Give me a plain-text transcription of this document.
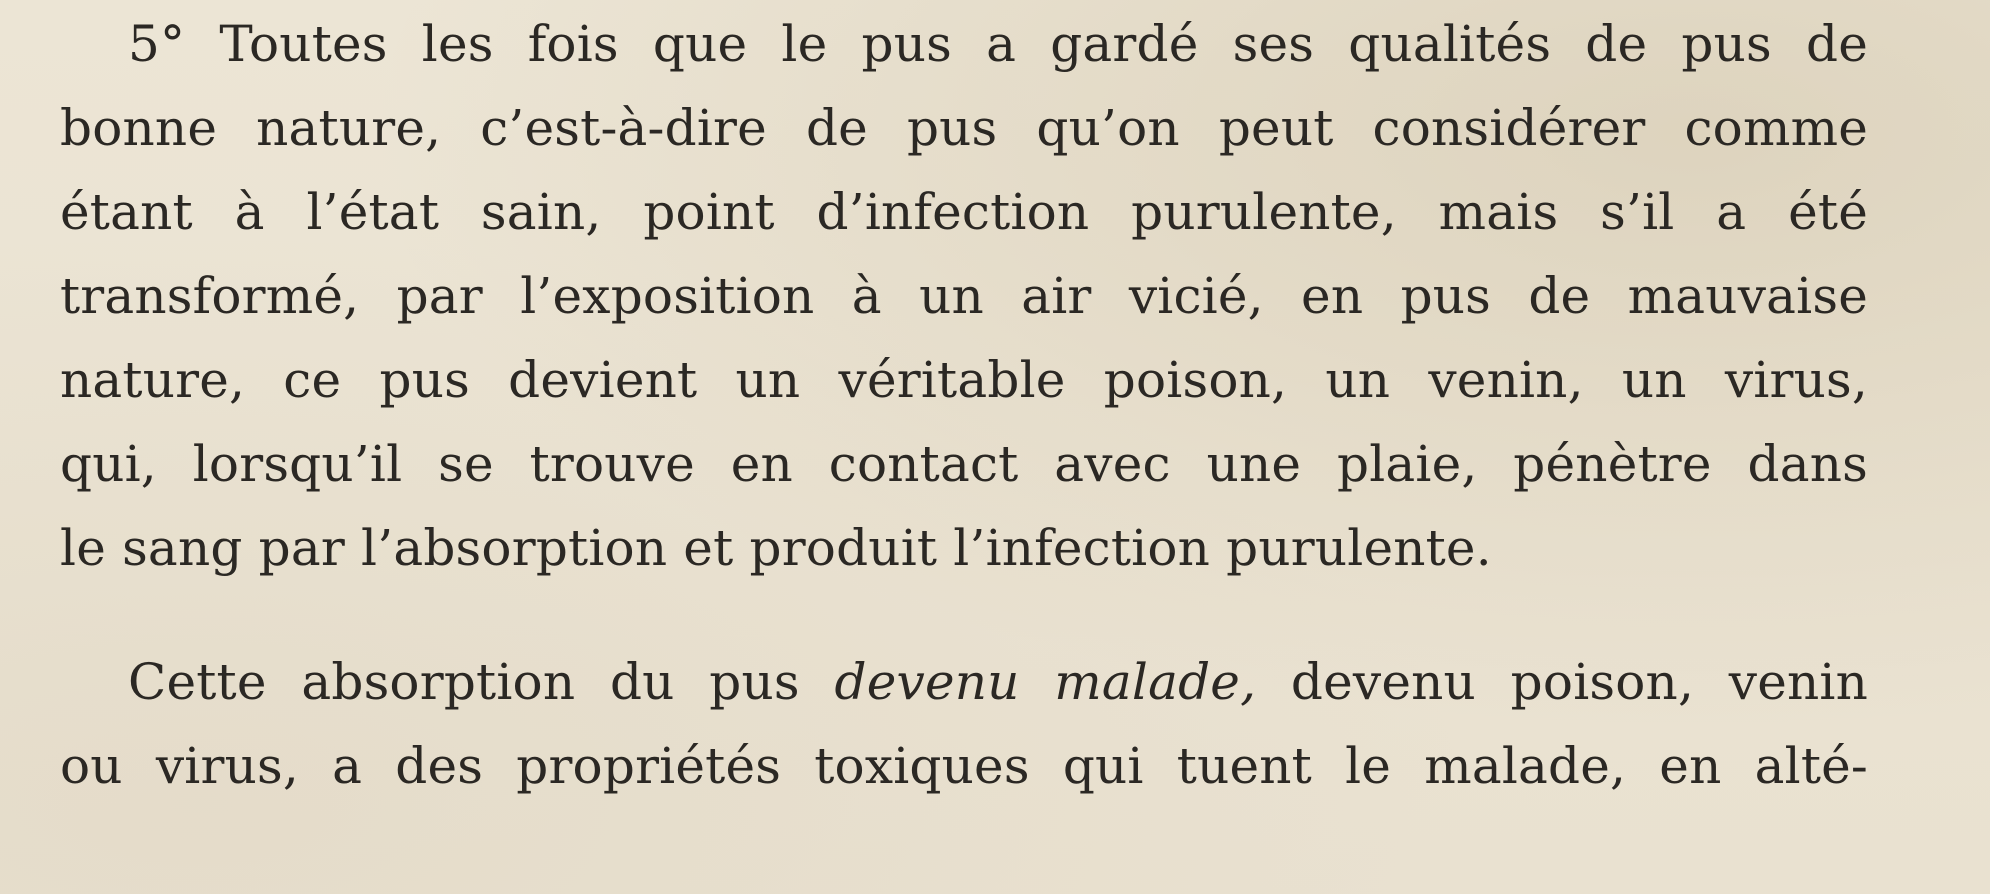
5° Toutes les fois que le pus a gardé ses qualités de pus de
bonne nature, c’est-à-dire de pus qu’on peut considérer comme
étant à l’état sain, point d’infection purulente, mais s’il a été
transformé, par l’exposition à un air vicié, en pus de mauvaise
nature, ce pus devient un véritable poison, un venin, un virus,
qui, lorsqu’il se trouve en contact avec une plaie, pénètre dans
le sang par l’absorption et produit l’infection purulente.
Cette absorption du pus devenu malade, devenu poison, venin
ou virus, a des propriétés toxiques qui tuent le malade, en alté-
